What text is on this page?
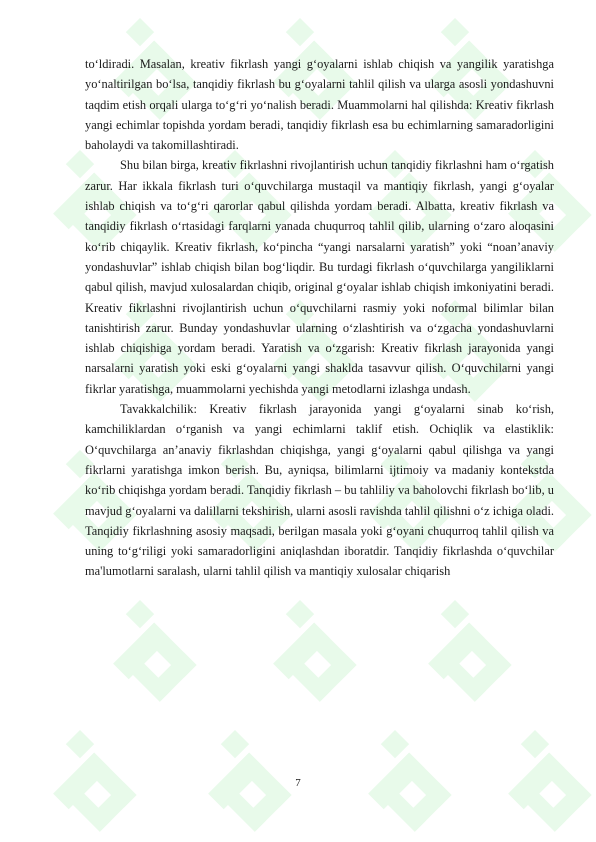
to‘ldiradi. Masalan, kreativ fikrlash yangi g‘oyalarni ishlab chiqish va yangilik yaratishga yo‘naltirilgan bo‘lsa, tanqidiy fikrlash bu g‘oyalarni tahlil qilish va ularga asosli yondashuvni taqdim etish orqali ularga to‘g‘ri yo‘nalish beradi. Muammolarni hal qilishda: Kreativ fikrlash yangi echimlar topishda yordam beradi, tanqidiy fikrlash esa bu echimlarning samaradorligini baholaydi va takomillashtiradi.

Shu bilan birga, kreativ fikrlashni rivojlantirish uchun tanqidiy fikrlashni ham o‘rgatish zarur. Har ikkala fikrlash turi o‘quvchilarga mustaqil va mantiqiy fikrlash, yangi g‘oyalar ishlab chiqish va to‘g‘ri qarorlar qabul qilishda yordam beradi. Albatta, kreativ fikrlash va tanqidiy fikrlash o‘rtasidagi farqlarni yanada chuqurroq tahlil qilib, ularning o‘zaro aloqasini ko‘rib chiqaylik. Kreativ fikrlash, ko‘pincha “yangi narsalarni yaratish” yoki “noan’anaviy yondashuvlar” ishlab chiqish bilan bog‘liqdir. Bu turdagi fikrlash o‘quvchilarga yangiliklarni qabul qilish, mavjud xulosalardan chiqib, original g‘oyalar ishlab chiqish imkoniyatini beradi. Kreativ fikrlashni rivojlantirish uchun o‘quvchilarni rasmiy yoki noformal bilimlar bilan tanishtirish zarur. Bunday yondashuvlar ularning o‘zlashtirish va o‘zgacha yondashuvlarni ishlab chiqishiga yordam beradi. Yaratish va o‘zgarish: Kreativ fikrlash jarayonida yangi narsalarni yaratish yoki eski g‘oyalarni yangi shaklda tasavvur qilish. O‘quvchilarni yangi fikrlar yaratishga, muammolarni yechishda yangi metodlarni izlashga undash.

Tavakkalchilik: Kreativ fikrlash jarayonida yangi g‘oyalarni sinab ko‘rish, kamchiliklardan o‘rganish va yangi echimlarni taklif etish. Ochiqlik va elastiklik: O‘quvchilarga an’anaviy fikrlashdan chiqishga, yangi g‘oyalarni qabul qilishga va yangi fikrlarni yaratishga imkon berish. Bu, ayniqsa, bilimlarni ijtimoiy va madaniy kontekstda ko‘rib chiqishga yordam beradi. Tanqidiy fikrlash – bu tahliliy va baholovchi fikrlash bo‘lib, u mavjud g‘oyalarni va dalillarni tekshirish, ularni asosli ravishda tahlil qilishni o‘z ichiga oladi. Tanqidiy fikrlashning asosiy maqsadi, berilgan masala yoki g‘oyani chuqurroq tahlil qilish va uning to‘g‘riligi yoki samaradorligini aniqlashdan iboratdir. Tanqidiy fikrlashda o‘quvchilar ma'lumotlarni saralash, ularni tahlil qilish va mantiqiy xulosalar chiqarish

7
